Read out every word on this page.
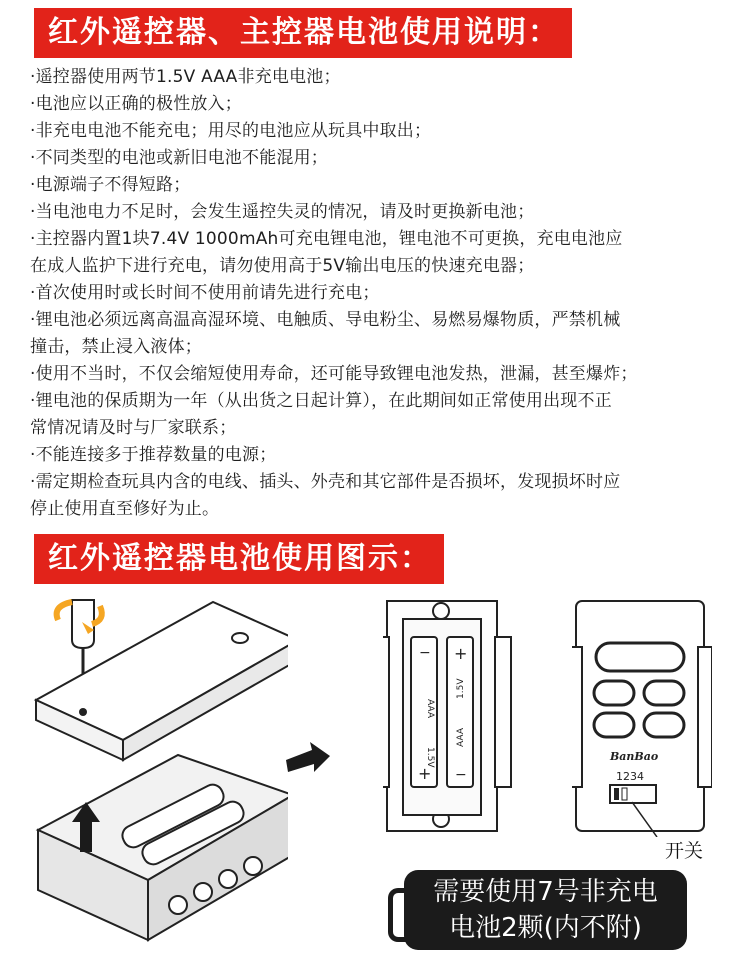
红外遥控器、主控器电池使用说明：

·遥控器使用两节1.5V AAA非充电电池；

·电池应以正确的极性放入；

·非充电电池不能充电；用尽的电池应从玩具中取出；

·不同类型的电池或新旧电池不能混用；

·电源端子不得短路；

·当电池电力不足时，会发生遥控失灵的情况，请及时更换新电池；

·主控器内置1块7.4V 1000mAh可充电锂电池，锂电池不可更换，充电电池应

在成人监护下进行充电，请勿使用高于5V输出电压的快速充电器；

·首次使用时或长时间不使用前请先进行充电；

·锂电池必须远离高温高湿环境、电触质、导电粉尘、易燃易爆物质，严禁机械

撞击，禁止浸入液体；

·使用不当时，不仅会缩短使用寿命，还可能导致锂电池发热，泄漏，甚至爆炸；

·锂电池的保质期为一年（从出货之日起计算），在此期间如正常使用出现不正

常情况请及时与厂家联系；

·不能连接多于推荐数量的电源；

·需定期检查玩具内含的电线、插头、外壳和其它部件是否损坏，发现损坏时应

停止使用直至修好为止。

红外遥控器电池使用图示：
AAA
1.5V
1.5V
AAA
− +
+ −
BanBao
1234
开关
需要使用7号非充电
电池2颗(内不附)
